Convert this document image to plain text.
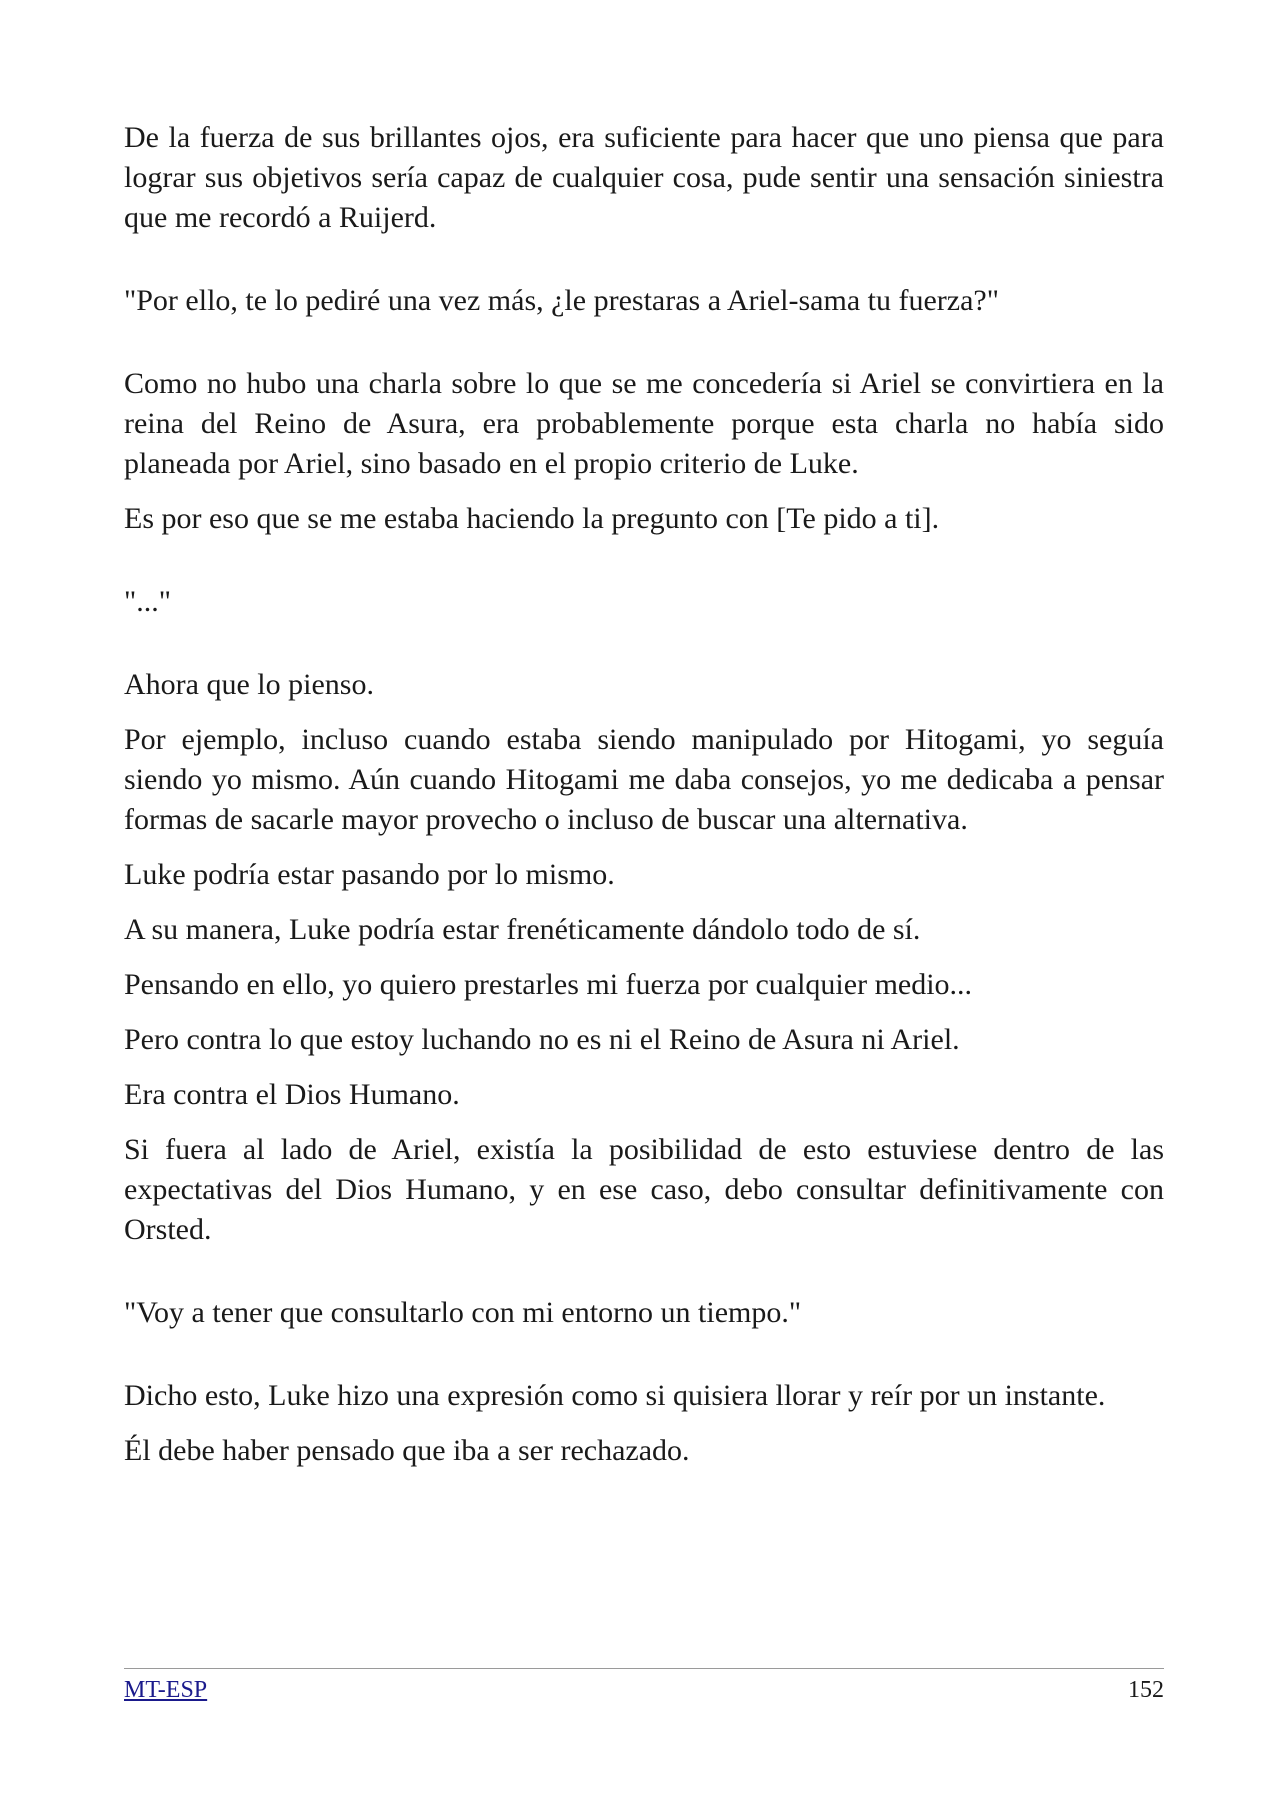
De la fuerza de sus brillantes ojos, era suficiente para hacer que uno piensa que para lograr sus objetivos sería capaz de cualquier cosa, pude sentir una sensación siniestra que me recordó a Ruijerd.

"Por ello, te lo pediré una vez más, ¿le prestaras a Ariel-sama tu fuerza?"

Como no hubo una charla sobre lo que se me concedería si Ariel se convirtiera en la reina del Reino de Asura, era probablemente porque esta charla no había sido planeada por Ariel, sino basado en el propio criterio de Luke.

Es por eso que se me estaba haciendo la pregunto con [Te pido a ti].

"..."

Ahora que lo pienso.

Por ejemplo, incluso cuando estaba siendo manipulado por Hitogami, yo seguía siendo yo mismo. Aún cuando Hitogami me daba consejos, yo me dedicaba a pensar formas de sacarle mayor provecho o incluso de buscar una alternativa.

Luke podría estar pasando por lo mismo.

A su manera, Luke podría estar frenéticamente dándolo todo de sí.

Pensando en ello, yo quiero prestarles mi fuerza por cualquier medio...

Pero contra lo que estoy luchando no es ni el Reino de Asura ni Ariel.

Era contra el Dios Humano.

Si fuera al lado de Ariel, existía la posibilidad de esto estuviese dentro de las expectativas del Dios Humano, y en ese caso, debo consultar definitivamente con Orsted.

"Voy a tener que consultarlo con mi entorno un tiempo."

Dicho esto, Luke hizo una expresión como si quisiera llorar y reír por un instante.

Él debe haber pensado que iba a ser rechazado.

MT-ESP	152
